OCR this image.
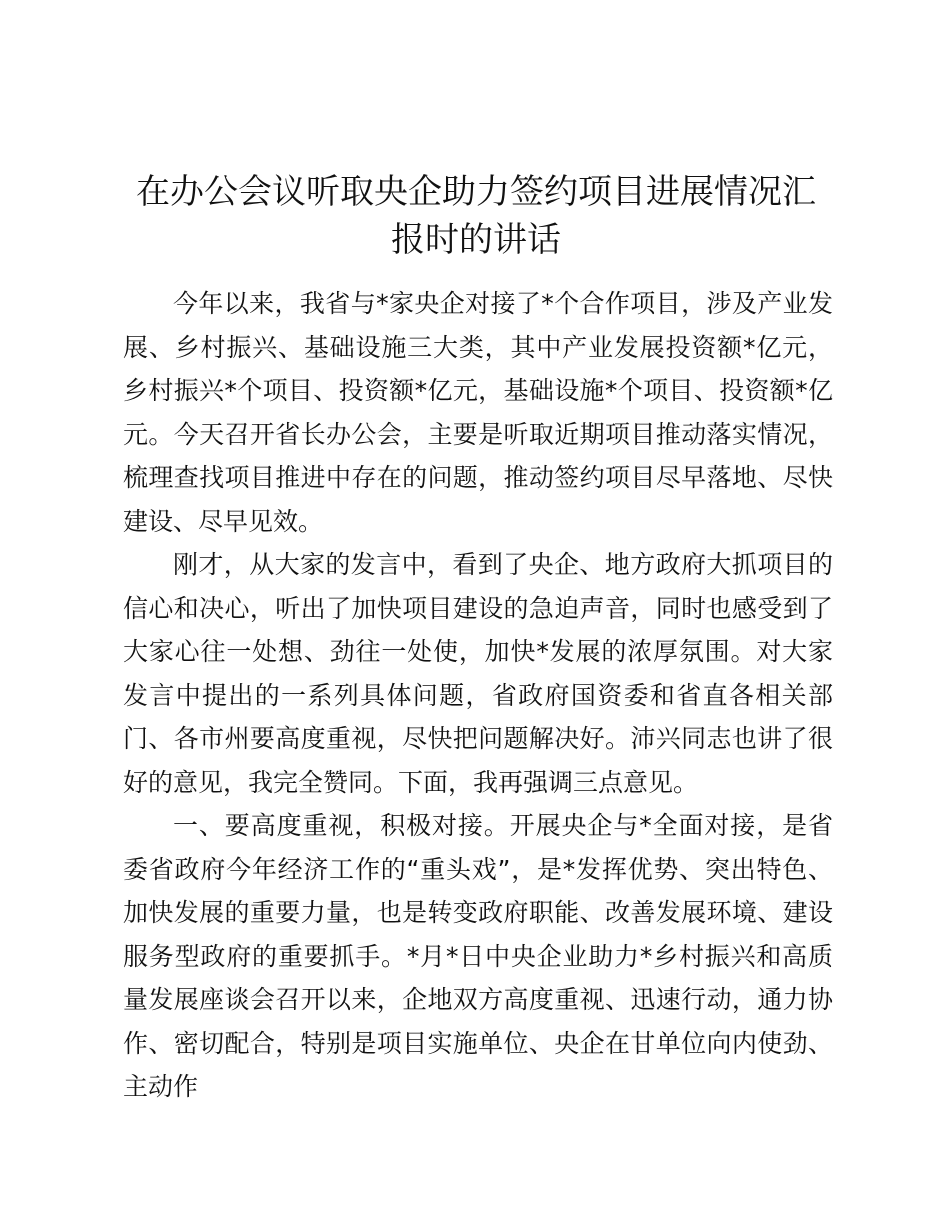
在办公会议听取央企助力签约项目进展情况汇报时的讲话

今年以来，我省与*家央企对接了*个合作项目，涉及产业发展、乡村振兴、基础设施三大类，其中产业发展投资额*亿元，乡村振兴*个项目、投资额*亿元，基础设施*个项目、投资额*亿元。今天召开省长办公会，主要是听取近期项目推动落实情况，梳理查找项目推进中存在的问题，推动签约项目尽早落地、尽快建设、尽早见效。

刚才，从大家的发言中，看到了央企、地方政府大抓项目的信心和决心，听出了加快项目建设的急迫声音，同时也感受到了大家心往一处想、劲往一处使，加快*发展的浓厚氛围。对大家发言中提出的一系列具体问题，省政府国资委和省直各相关部门、各市州要高度重视，尽快把问题解决好。沛兴同志也讲了很好的意见，我完全赞同。下面，我再强调三点意见。

一、要高度重视，积极对接。开展央企与*全面对接，是省委省政府今年经济工作的“重头戏”，是*发挥优势、突出特色、加快发展的重要力量，也是转变政府职能、改善发展环境、建设服务型政府的重要抓手。*月*日中央企业助力*乡村振兴和高质量发展座谈会召开以来，企地双方高度重视、迅速行动，通力协作、密切配合，特别是项目实施单位、央企在甘单位向内使劲、主动作
